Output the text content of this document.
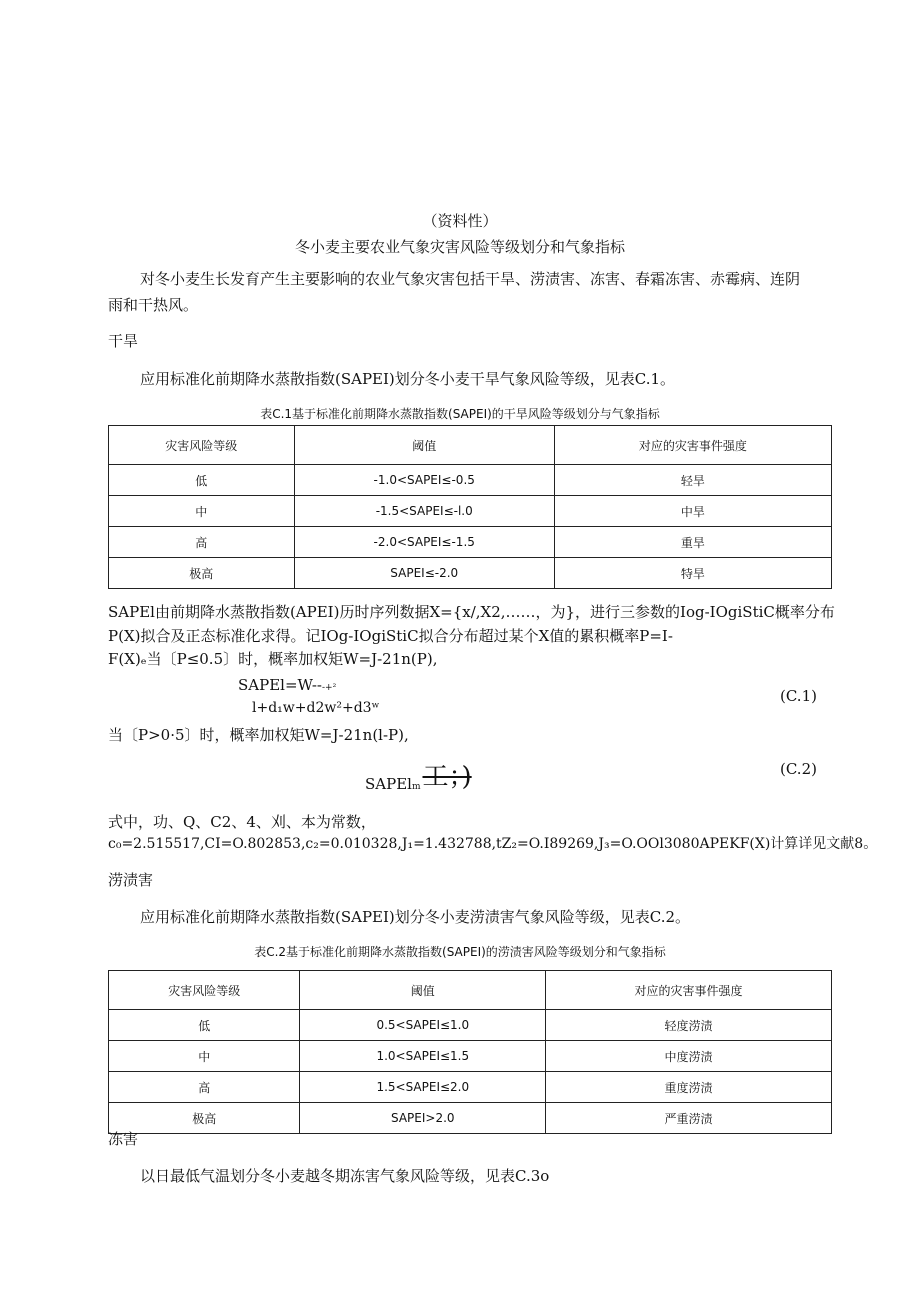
（资料性）
冬小麦主要农业气象灾害风险等级划分和气象指标
对冬小麦生长发育产生主要影响的农业气象灾害包括干旱、涝渍害、冻害、春霜冻害、赤霉病、连阴
雨和干热风。
干旱
应用标准化前期降水蒸散指数(SAPEI)划分冬小麦干旱气象风险等级，见表C.1。
表C.1基于标准化前期降水蒸散指数(SAPEI)的干旱风险等级划分与气象指标
灾害风险等级	阈值	对应的灾害事件强度
低	-1.0<SAPEI≤-0.5	轻旱
中	-1.5<SAPEI≤-l.0	中旱
高	-2.0<SAPEI≤-1.5	重旱
极高	SAPEI≤-2.0	特旱
SAPEl由前期降水蒸散指数(APEI)历时序列数据X={x/,X2,……，为}，进行三参数的Iog-IOgiStiC概率分布
P(X)拟合及正态标准化求得。记IOg-IOgiStiC拟合分布超过某个X值的累积概率P=I-
F(X)ₑ当〔P≤0.5〕时，概率加权矩W=J-21n(P),
SAPEl=W---+²
l+d₁w+d2w²+d3ʷ
(C.1)
当〔P>0·5〕时，概率加权矩W=J-21n(l-P),
SAPElm工；)	(C.2)
式中，功、Q、C2、4、刈、本为常数，
c₀=2.515517,CI=O.802853,c₂=0.010328,J₁=1.432788,tZ₂=O.I89269,J₃=O.OOl3080APEKF(X)计算详见文献8。
涝渍害
应用标准化前期降水蒸散指数(SAPEI)划分冬小麦涝渍害气象风险等级，见表C.2。
表C.2基于标准化前期降水蒸散指数(SAPEI)的涝渍害风险等级划分和气象指标
灾害风险等级	阈值	对应的灾害事件强度
低	0.5<SAPEI≤1.0	轻度涝渍
中	1.0<SAPEI≤1.5	中度涝渍
高	1.5<SAPEI≤2.0	重度涝渍
极高	SAPEI>2.0	严重涝渍
冻害
以日最低气温划分冬小麦越冬期冻害气象风险等级，见表C.3o
